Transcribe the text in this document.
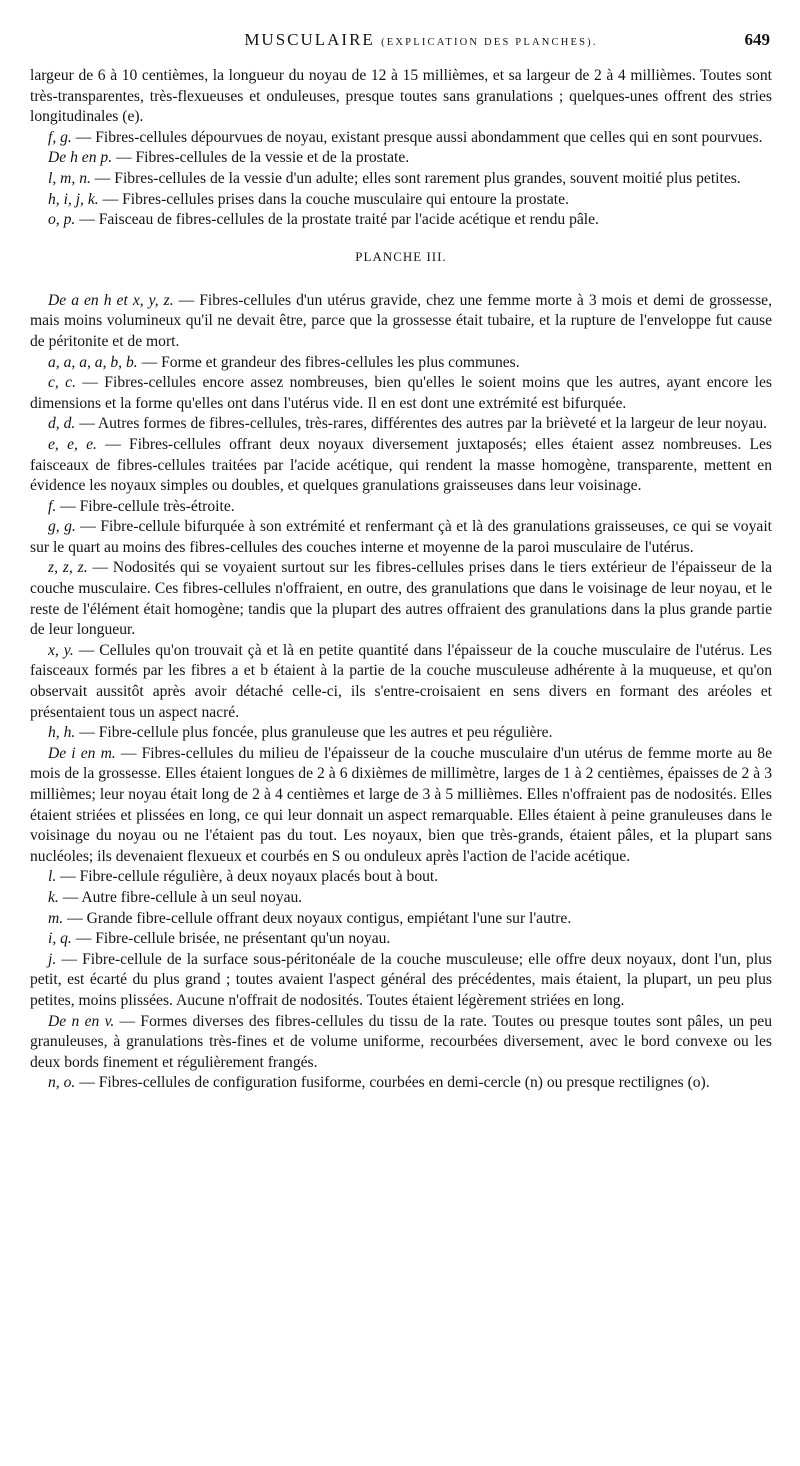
MUSCULAIRE (EXPLICATION DES PLANCHES).	649

largeur de 6 à 10 centièmes, la longueur du noyau de 12 à 15 millièmes, et sa largeur de 2 à 4 millièmes. Toutes sont très-transparentes, très-flexueuses et onduleuses, presque toutes sans granulations ; quelques-unes offrent des stries longitudinales (e).

f, g. — Fibres-cellules dépourvues de noyau, existant presque aussi abondamment que celles qui en sont pourvues.

De h en p. — Fibres-cellules de la vessie et de la prostate.

l, m, n. — Fibres-cellules de la vessie d'un adulte; elles sont rarement plus grandes, souvent moitié plus petites.

h, i, j, k. — Fibres-cellules prises dans la couche musculaire qui entoure la prostate.

o, p. — Faisceau de fibres-cellules de la prostate traité par l'acide acétique et rendu pâle.

PLANCHE III.

De a en h et x, y, z. — Fibres-cellules d'un utérus gravide, chez une femme morte à 3 mois et demi de grossesse, mais moins volumineux qu'il ne devait être, parce que la grossesse était tubaire, et la rupture de l'enveloppe fut cause de péritonite et de mort.

a, a, a, a, b, b. — Forme et grandeur des fibres-cellules les plus communes.

c, c. — Fibres-cellules encore assez nombreuses, bien qu'elles le soient moins que les autres, ayant encore les dimensions et la forme qu'elles ont dans l'utérus vide. Il en est dont une extrémité est bifurquée.

d, d. — Autres formes de fibres-cellules, très-rares, différentes des autres par la brièveté et la largeur de leur noyau.

e, e, e. — Fibres-cellules offrant deux noyaux diversement juxtaposés; elles étaient assez nombreuses. Les faisceaux de fibres-cellules traitées par l'acide acétique, qui rendent la masse homogène, transparente, mettent en évidence les noyaux simples ou doubles, et quelques granulations graisseuses dans leur voisinage.

f. — Fibre-cellule très-étroite.

g, g. — Fibre-cellule bifurquée à son extrémité et renfermant çà et là des granulations graisseuses, ce qui se voyait sur le quart au moins des fibres-cellules des couches interne et moyenne de la paroi musculaire de l'utérus.

z, z, z. — Nodosités qui se voyaient surtout sur les fibres-cellules prises dans le tiers extérieur de l'épaisseur de la couche musculaire. Ces fibres-cellules n'offraient, en outre, des granulations que dans le voisinage de leur noyau, et le reste de l'élément était homogène; tandis que la plupart des autres offraient des granulations dans la plus grande partie de leur longueur.

x, y. — Cellules qu'on trouvait çà et là en petite quantité dans l'épaisseur de la couche musculaire de l'utérus. Les faisceaux formés par les fibres a et b étaient à la partie de la couche musculeuse adhérente à la muqueuse, et qu'on observait aussitôt après avoir détaché celle-ci, ils s'entre-croisaient en sens divers en formant des aréoles et présentaient tous un aspect nacré.

h, h. — Fibre-cellule plus foncée, plus granuleuse que les autres et peu régulière.

De i en m. — Fibres-cellules du milieu de l'épaisseur de la couche musculaire d'un utérus de femme morte au 8e mois de la grossesse. Elles étaient longues de 2 à 6 dixièmes de millimètre, larges de 1 à 2 centièmes, épaisses de 2 à 3 millièmes; leur noyau était long de 2 à 4 centièmes et large de 3 à 5 millièmes. Elles n'offraient pas de nodosités. Elles étaient striées et plissées en long, ce qui leur donnait un aspect remarquable. Elles étaient à peine granuleuses dans le voisinage du noyau ou ne l'étaient pas du tout. Les noyaux, bien que très-grands, étaient pâles, et la plupart sans nucléoles; ils devenaient flexueux et courbés en S ou onduleux après l'action de l'acide acétique.

l. — Fibre-cellule régulière, à deux noyaux placés bout à bout.

k. — Autre fibre-cellule à un seul noyau.

m. — Grande fibre-cellule offrant deux noyaux contigus, empiétant l'une sur l'autre.

i, q. — Fibre-cellule brisée, ne présentant qu'un noyau.

j. — Fibre-cellule de la surface sous-péritonéale de la couche musculeuse; elle offre deux noyaux, dont l'un, plus petit, est écarté du plus grand ; toutes avaient l'aspect général des précédentes, mais étaient, la plupart, un peu plus petites, moins plissées. Aucune n'offrait de nodosités. Toutes étaient légèrement striées en long.

De n en v. — Formes diverses des fibres-cellules du tissu de la rate. Toutes ou presque toutes sont pâles, un peu granuleuses, à granulations très-fines et de volume uniforme, recourbées diversement, avec le bord convexe ou les deux bords finement et régulièrement frangés.

n, o. — Fibres-cellules de configuration fusiforme, courbées en demi-cercle (n) ou presque rectilignes (o).
